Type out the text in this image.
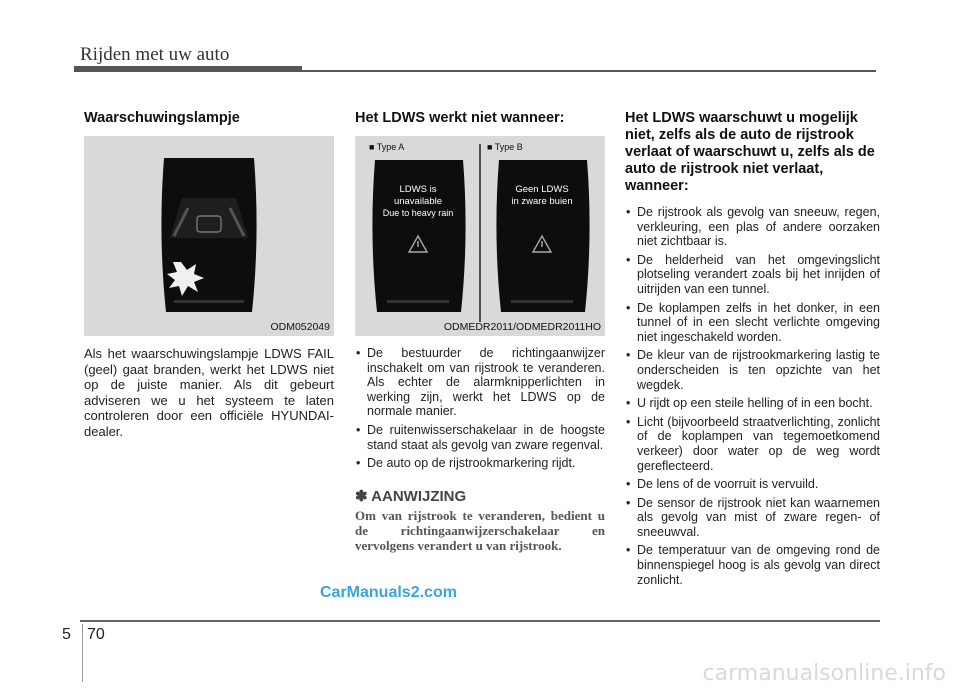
Rijden met uw auto
Waarschuwingslampje
ODM052049

Als het waarschuwingslampje LDWS FAIL (geel) gaat branden, werkt het LDWS niet op de juiste manier. Als dit gebeurt adviseren we u het systeem te laten controleren door een officiële HYUNDAI-dealer.

Het LDWS werkt niet wanneer:
■ Type A	■ Type B
LDWS is
unavailable
Due to heavy rain
Geen LDWS
in zware buien
ODMEDR2011/ODMEDR2011HO
• De bestuurder de richtingaanwijzer inschakelt om van rijstrook te veranderen. Als echter de alarmknipperlichten in werking zijn, werkt het LDWS op de normale manier.
• De ruitenwisserschakelaar in de hoogste stand staat als gevolg van zware regenval.
• De auto op de rijstrookmarkering rijdt.
✽ AANWIJZING

Om van rijstrook te veranderen, bedient u de richtingaanwijzerschakelaar en vervolgens verandert u van rijstrook.

Het LDWS waarschuwt u mogelijk niet, zelfs als de auto de rijstrook verlaat of waarschuwt u, zelfs als de auto de rijstrook niet verlaat, wanneer:
• De rijstrook als gevolg van sneeuw, regen, verkleuring, een plas of andere oorzaken niet zichtbaar is.
• De helderheid van het omgevingslicht plotseling verandert zoals bij het inrijden of uitrijden van een tunnel.
• De koplampen zelfs in het donker, in een tunnel of in een slecht verlichte omgeving niet ingeschakeld worden.
• De kleur van de rijstrookmarkering lastig te onderscheiden is ten opzichte van het wegdek.
• U rijdt op een steile helling of in een bocht.
• Licht (bijvoorbeeld straatverlichting, zonlicht of de koplampen van tegemoetkomend verkeer) door water op de weg wordt gereflecteerd.
• De lens of de voorruit is vervuild.
• De sensor de rijstrook niet kan waarnemen als gevolg van mist of zware regen- of sneeuwval.
• De temperatuur van de omgeving rond de binnenspiegel hoog is als gevolg van direct zonlicht.
CarManuals2.com
5 70
carmanualsonline.info
